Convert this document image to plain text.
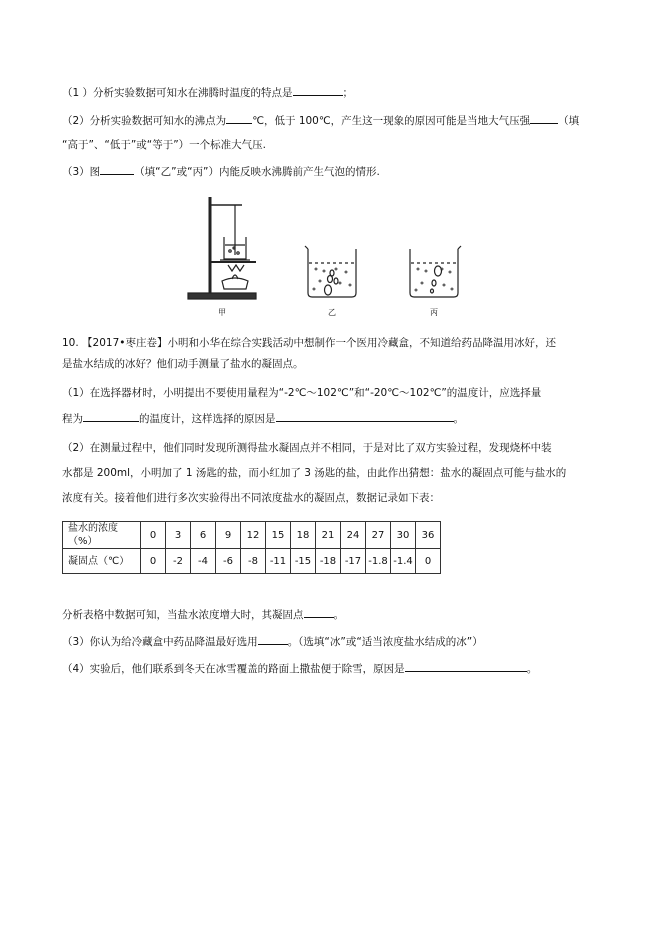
（1 ）分析实验数据可知水在沸腾时温度的特点是	；
（2）分析实验数据可知水的沸点为 ℃，低于 100℃，产生这一现象的原因可能是当地大气压强	（填
“高于”、“低于”或“等于”）一个标准大气压.
（3）图	（填“乙”或“丙”）内能反映水沸腾前产生气泡的情形.
甲	乙	丙
10. 【2017•枣庄卷】小明和小华在综合实践活动中想制作一个医用冷藏盒，不知道给药品降温用冰好，还
是盐水结成的冰好？他们动手测量了盐水的凝固点。
（1）在选择器材时，小明提出不要使用量程为“-2℃～102℃”和“-20℃～102℃”的温度计，应选择量
程为	的温度计，这样选择的原因是	。
（2）在测量过程中，他们同时发现所测得盐水凝固点并不相同，于是对比了双方实验过程，发现烧杯中装
水都是 200ml，小明加了 1 汤匙的盐，而小红加了 3 汤匙的盐，由此作出猜想：盐水的凝固点可能与盐水的
浓度有关。接着他们进行多次实验得出不同浓度盐水的凝固点，数据记录如下表：
盐水的浓度（%）	0	3	6	9	12	15	18	21	24	27	30	36
凝固点（℃）	0	-2	-4	-6	-8	-11	-15	-18	-17	-1.8	-1.4	0
分析表格中数据可知，当盐水浓度增大时，其凝固点	。
（3）你认为给冷藏盒中药品降温最好选用	。（选填“冰”或“适当浓度盐水结成的冰”）
（4）实验后，他们联系到冬天在冰雪覆盖的路面上撒盐便于除雪，原因是	。
